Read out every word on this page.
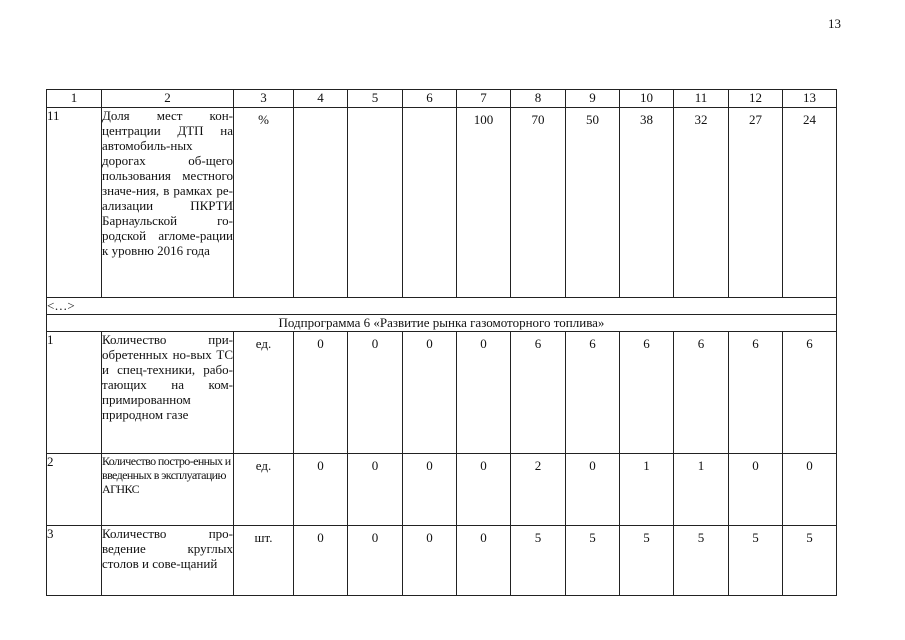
13
1	2	3	4	5	6	7	8	9	10	11	12	13
11	Доля мест кон-центрации ДТП на автомобиль-ных дорогах об-щего пользования местного значе-ния, в рамках ре-ализации ПКРТИ Барнаульской го-родской агломе-рации к уровню 2016 года	%				100	70	50	38	32	27	24
<…>												
Подпрограмма 6 «Развитие рынка газомоторного топлива»												
1	Количество при-обретенных но-вых ТС и спец-техники, рабо-тающих на ком-примированном природном газе	ед.	0	0	0	0	6	6	6	6	6	6
2	Количество постро-енных и введенных в эксплуатацию АГНКС	ед.	0	0	0	0	2	0	1	1	0	0
3	Количество про-ведение круглых столов и сове-щаний	шт.	0	0	0	0	5	5	5	5	5	5
